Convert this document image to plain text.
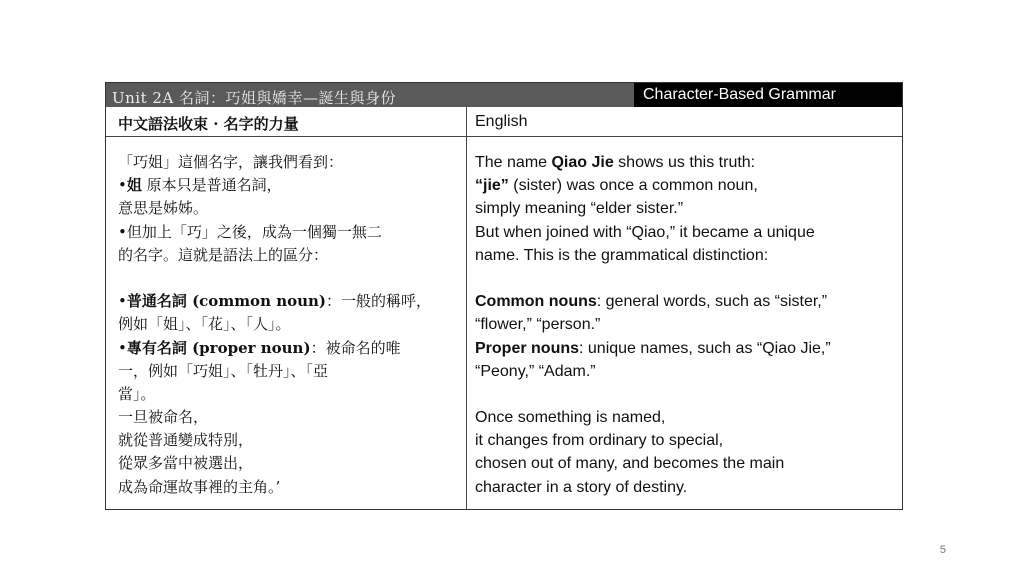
Unit 2A 名詞：巧姐與嬌幸—誕生與身份	Character-Based Grammar
中文語法收束 · 名字的力量	English
「巧姐」這個名字，讓我們看到：
•姐 原本只是普通名詞，
意思是姊姊。
•但加上「巧」之後，成為一個獨一無二
的名字。這就是語法上的區分：
•普通名詞 (common noun)：一般的稱呼，
例如「姐」、「花」、「人」。
•專有名詞 (proper noun)：被命名的唯
一，例如「巧姐」、「牡丹」、「亞
當」。
一旦被命名，
就從普通變成特別，
從眾多當中被選出，
成為命運故事裡的主角。’
The name Qiao Jie shows us this truth:
“jie” (sister) was once a common noun,
simply meaning “elder sister.”
But when joined with “Qiao,” it became a unique
name. This is the grammatical distinction:
Common nouns: general words, such as “sister,”
“flower,” “person.”
Proper nouns: unique names, such as “Qiao Jie,”
“Peony,” “Adam.”
Once something is named,
it changes from ordinary to special,
chosen out of many, and becomes the main
character in a story of destiny.
5
